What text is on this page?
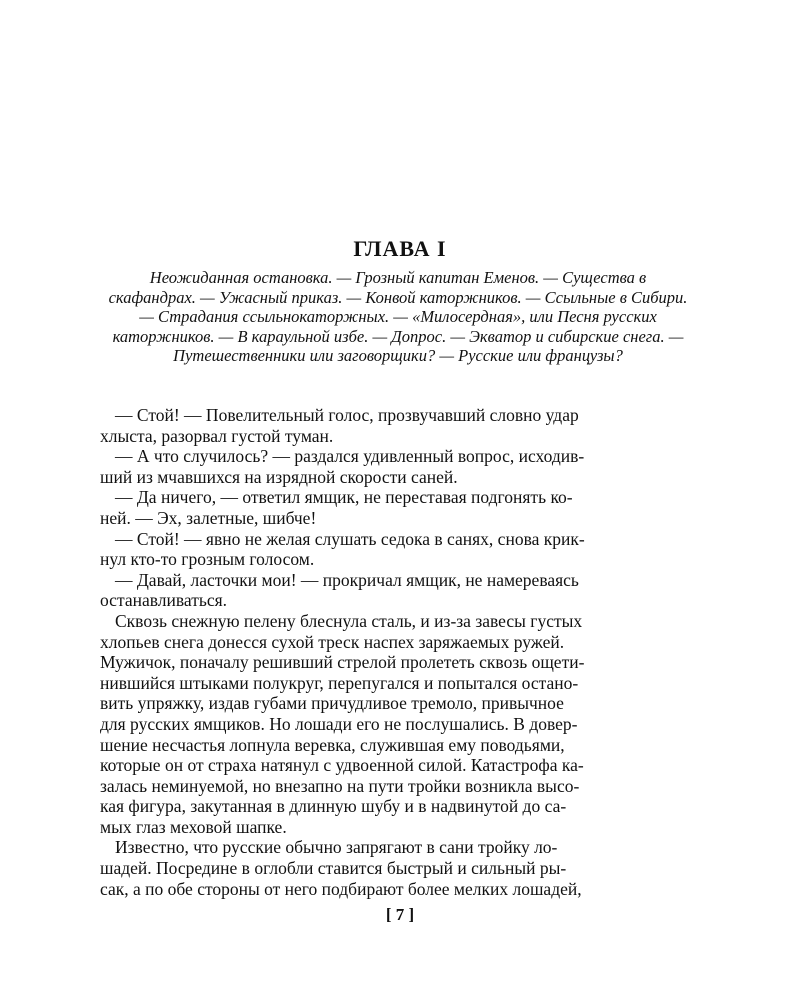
ГЛАВА I

Неожиданная остановка. — Грозный капитан Еменов. — Существа в скафандрах. — Ужасный приказ. — Конвой каторжников. — Ссыльные в Сибири. — Страдания ссыльнокаторжных. — «Милосердная», или Песня русских каторжников. — В караульной избе. — Допрос. — Экватор и сибирские снега. — Путешественники или заговорщики? — Русские или французы?

— Стой! — Повелительный голос, прозвучавший словно удар

хлыста, разорвал густой туман.

— А что случилось? — раздался удивленный вопрос, исходив-

ший из мчавшихся на изрядной скорости саней.

— Да ничего, — ответил ямщик, не переставая подгонять ко-

ней. — Эх, залетные, шибче!

— Стой! — явно не желая слушать седока в санях, снова крик-

нул кто-то грозным голосом.

— Давай, ласточки мои! — прокричал ямщик, не намереваясь

останавливаться.

Сквозь снежную пелену блеснула сталь, и из-за завесы густых

хлопьев снега донесся сухой треск наспех заряжаемых ружей.

Мужичок, поначалу решивший стрелой пролететь сквозь ощети-

нившийся штыками полукруг, перепугался и попытался остано-

вить упряжку, издав губами причудливое тремоло, привычное

для русских ямщиков. Но лошади его не послушались. В довер-

шение несчастья лопнула веревка, служившая ему поводьями,

которые он от страха натянул с удвоенной силой. Катастрофа ка-

залась неминуемой, но внезапно на пути тройки возникла высо-

кая фигура, закутанная в длинную шубу и в надвинутой до са-

мых глаз меховой шапке.

Известно, что русские обычно запрягают в сани тройку ло-

шадей. Посредине в оглобли ставится быстрый и сильный ры-

сак, а по обе стороны от него подбирают более мелких лошадей,

[ 7 ]
